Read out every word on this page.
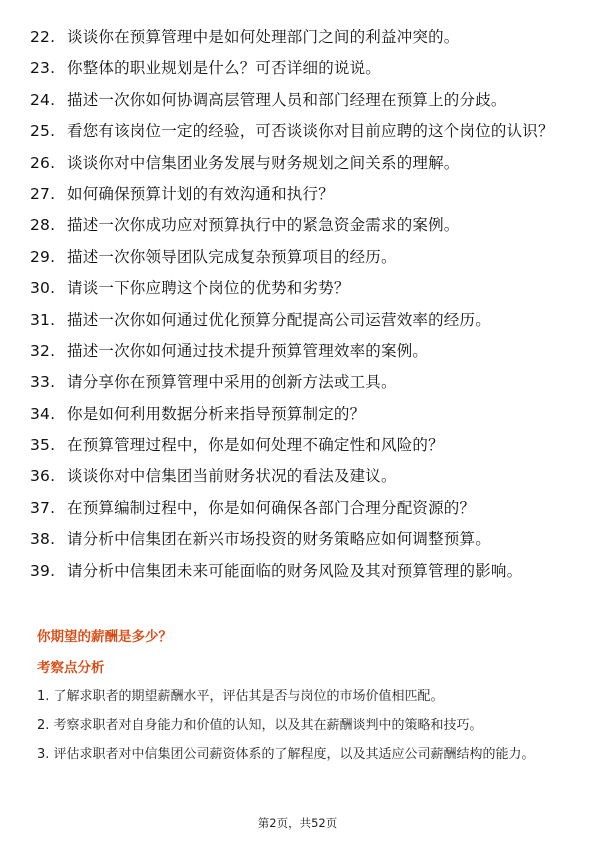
22. 谈谈你在预算管理中是如何处理部门之间的利益冲突的。
23. 你整体的职业规划是什么？可否详细的说说。
24. 描述一次你如何协调高层管理人员和部门经理在预算上的分歧。
25. 看您有该岗位一定的经验，可否谈谈你对目前应聘的这个岗位的认识？
26. 谈谈你对中信集团业务发展与财务规划之间关系的理解。
27. 如何确保预算计划的有效沟通和执行？
28. 描述一次你成功应对预算执行中的紧急资金需求的案例。
29. 描述一次你领导团队完成复杂预算项目的经历。
30. 请谈一下你应聘这个岗位的优势和劣势？
31. 描述一次你如何通过优化预算分配提高公司运营效率的经历。
32. 描述一次你如何通过技术提升预算管理效率的案例。
33. 请分享你在预算管理中采用的创新方法或工具。
34. 你是如何利用数据分析来指导预算制定的？
35. 在预算管理过程中，你是如何处理不确定性和风险的？
36. 谈谈你对中信集团当前财务状况的看法及建议。
37. 在预算编制过程中，你是如何确保各部门合理分配资源的？
38. 请分析中信集团在新兴市场投资的财务策略应如何调整预算。
39. 请分析中信集团未来可能面临的财务风险及其对预算管理的影响。
你期望的薪酬是多少？
考察点分析
1. 了解求职者的期望薪酬水平，评估其是否与岗位的市场价值相匹配。
2. 考察求职者对自身能力和价值的认知，以及其在薪酬谈判中的策略和技巧。
3. 评估求职者对中信集团公司薪资体系的了解程度，以及其适应公司薪酬结构的能力。
第2页，共52页
